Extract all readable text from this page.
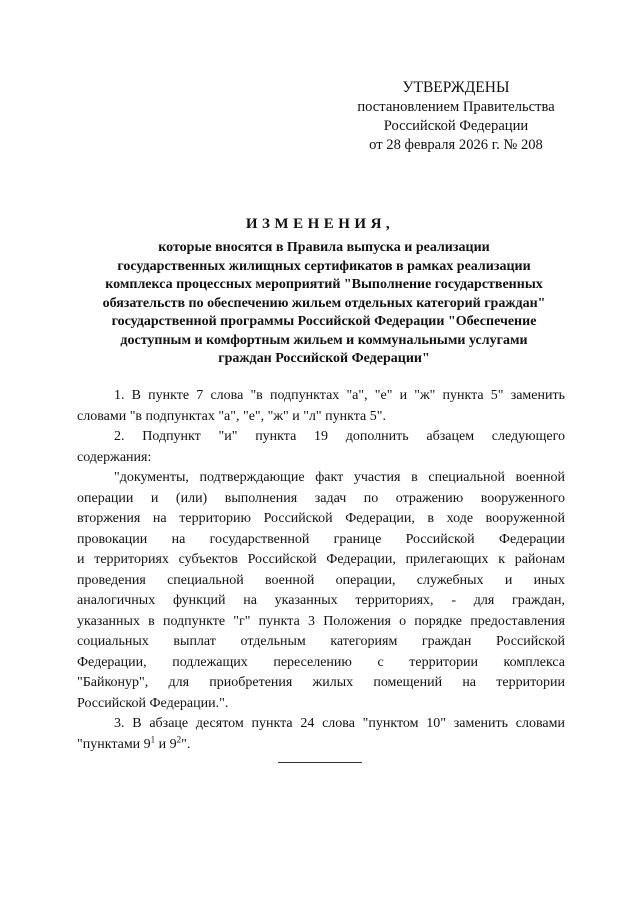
УТВЕРЖДЕНЫ
постановлением Правительства
Российской Федерации
от 28 февраля 2026 г. № 208
ИЗМЕНЕНИЯ,
которые вносятся в Правила выпуска и реализации
государственных жилищных сертификатов в рамках реализации
комплекса процессных мероприятий "Выполнение государственных
обязательств по обеспечению жильем отдельных категорий граждан"
государственной программы Российской Федерации "Обеспечение
доступным и комфортным жильем и коммунальными услугами
граждан Российской Федерации"
1. В пункте 7 слова "в подпунктах "а", "е" и "ж" пункта 5" заменить
словами "в подпунктах "а", "е", "ж" и "л" пункта 5".
2. Подпункт "и" пункта 19 дополнить абзацем следующего
содержания:
"документы, подтверждающие факт участия в специальной военной
операции и (или) выполнения задач по отражению вооруженного
вторжения на территорию Российской Федерации, в ходе вооруженной
провокации на государственной границе Российской Федерации
и территориях субъектов Российской Федерации, прилегающих к районам
проведения специальной военной операции, служебных и иных
аналогичных функций на указанных территориях, - для граждан,
указанных в подпункте "г" пункта 3 Положения о порядке предоставления
социальных выплат отдельным категориям граждан Российской
Федерации, подлежащих переселению с территории комплекса
"Байконур", для приобретения жилых помещений на территории
Российской Федерации.".
3. В абзаце десятом пункта 24 слова "пунктом 10" заменить словами
"пунктами $9^1$ и $9^2$".
